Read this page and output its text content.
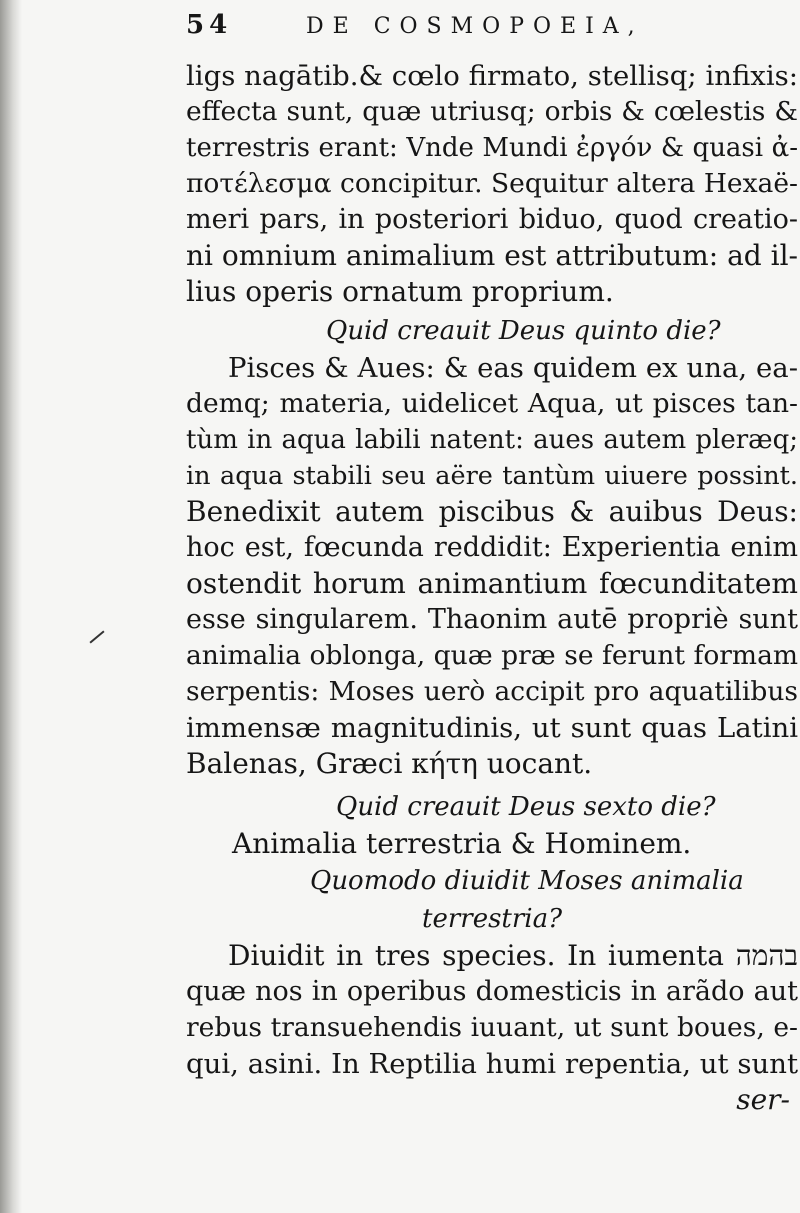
54	DE COSMOPOEIA,
ligs nagātib.& cœlo firmato, stellisq; infixis:
effecta sunt, quæ utriusq; orbis & cœlestis &
terrestris erant: Vnde Mundi ἐργόν & quasi ἀ-
ποτέλεσμα concipitur. Sequitur altera Hexaë-
meri pars, in posteriori biduo, quod creatio-
ni omnium animalium est attributum: ad il-
lius operis ornatum proprium.
Quid creauit Deus quinto die?
Pisces & Aues: & eas quidem ex una, ea-
demq; materia, uidelicet Aqua, ut pisces tan-
tùm in aqua labili natent: aues autem pleræq;
in aqua stabili seu aëre tantùm uiuere possint.
Benedixit autem piscibus & auibus Deus:
hoc est, fœcunda reddidit: Experientia enim
ostendit horum animantium fœcunditatem
esse singularem. Thaonim autē propriè sunt
animalia oblonga, quæ præ se ferunt formam
serpentis: Moses uerò accipit pro aquatilibus
immensæ magnitudinis, ut sunt quas Latini
Balenas, Græci κήτη uocant.
Quid creauit Deus sexto die?
Animalia terrestria & Hominem.
Quomodo diuidit Moses animalia
terrestria?
Diuidit in tres species. In iumenta בהמה
quæ nos in operibus domesticis in arãdo aut
rebus transuehendis iuuant, ut sunt boues, e-
qui, asini. In Reptilia humi repentia, ut sunt
ser-
